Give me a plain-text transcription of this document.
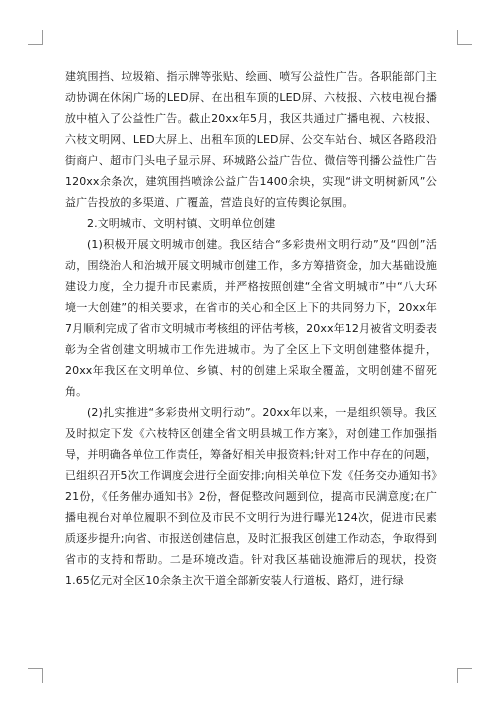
建筑围挡、垃圾箱、指示牌等张贴、绘画、喷写公益性广告。各职能部门主动协调在休闲广场的LED屏、在出租车顶的LED屏、六枝报、六枝电视台播放中植入了公益性广告。截止20xx年5月，我区共通过广播电视、六枝报、六枝文明网、LED大屏上、出租车顶的LED屏、公交车站台、城区各路段沿街商户、超市门头电子显示屏、环城路公益广告位、微信等刊播公益性广告120xx余条次，建筑围挡喷涂公益广告1400余块，实现“讲文明树新风”公益广告投放的多渠道、广覆盖，营造良好的宣传舆论氛围。

2.文明城市、文明村镇、文明单位创建

(1)积极开展文明城市创建。我区结合“多彩贵州文明行动”及“四创”活动，围绕治人和治城开展文明城市创建工作，多方筹措资金，加大基础设施建设力度，全力提升市民素质，并严格按照创建“全省文明城市”中“八大环境一大创建”的相关要求，在省市的关心和全区上下的共同努力下，20xx年7月顺利完成了省市文明城市考核组的评估考核，20xx年12月被省文明委表彰为全省创建文明城市工作先进城市。为了全区上下文明创建整体提升，20xx年我区在文明单位、乡镇、村的创建上采取全覆盖，文明创建不留死角。

(2)扎实推进“多彩贵州文明行动”。20xx年以来，一是组织领导。我区及时拟定下发《六枝特区创建全省文明县城工作方案》，对创建工作加强指导，并明确各单位工作责任，筹备好相关申报资料;针对工作中存在的问题，已组织召开5次工作调度会进行全面安排;向相关单位下发《任务交办通知书》21份，《任务催办通知书》2份，督促整改问题到位，提高市民满意度;在广播电视台对单位履职不到位及市民不文明行为进行曝光124次，促进市民素质逐步提升;向省、市报送创建信息，及时汇报我区创建工作动态，争取得到省市的支持和帮助。二是环境改造。针对我区基础设施滞后的现状，投资1.65亿元对全区10余条主次干道全部新安装人行道板、路灯，进行绿
